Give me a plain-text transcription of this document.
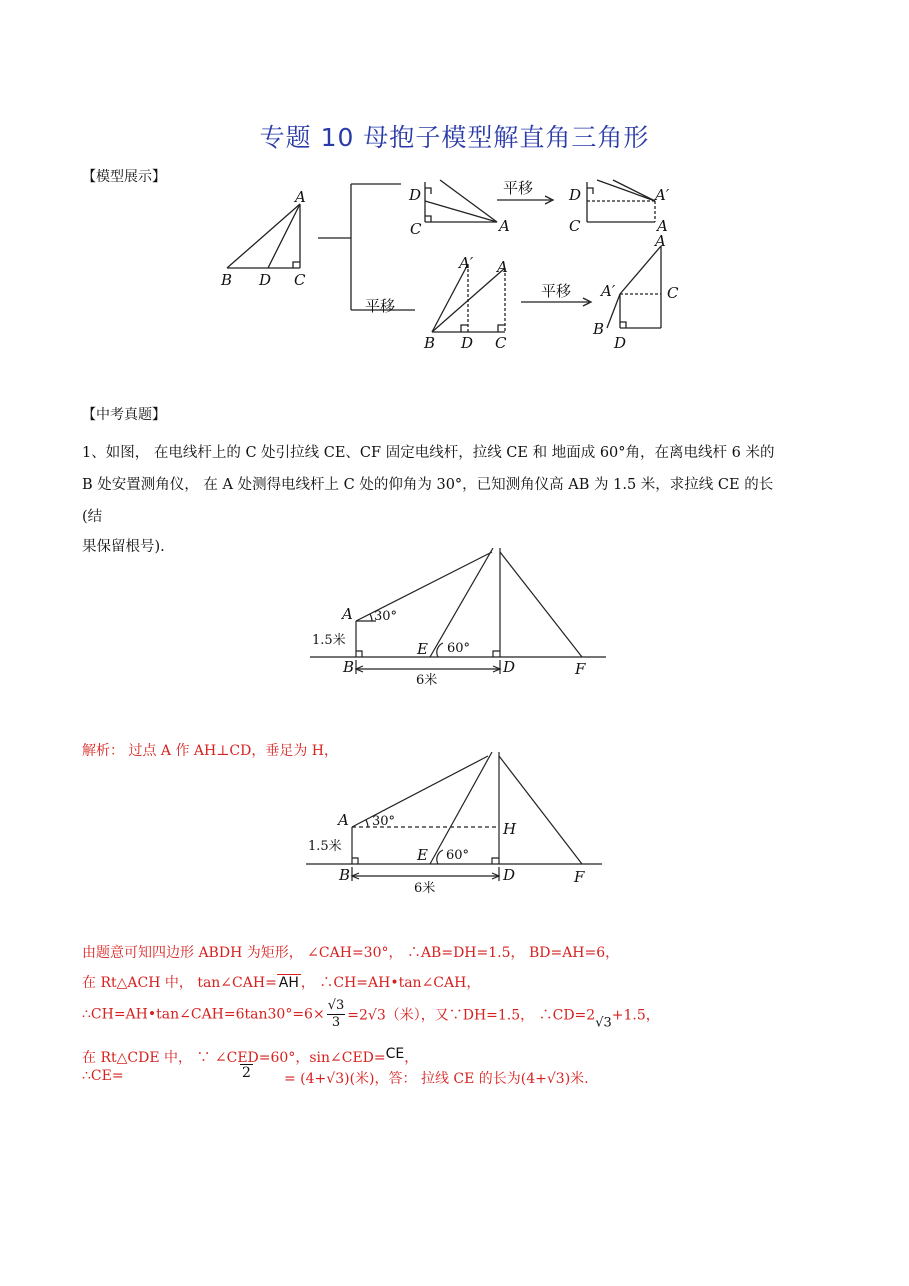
专题 10 母抱子模型解直角三角形
【模型展示】
A
B D C
D
C	A
平移 D
C
A′
A
平移
A′ A
B D C
平移
A
A′	C
B
D
【中考真题】
1、如图， 在电线杆上的 C 处引拉线 CE、CF 固定电线杆，拉线 CE 和 地面成 60°角，在离电线杆 6 米的
B 处安置测角仪， 在 A 处测得电线杆上 C 处的仰角为 30°，已知测角仪高 AB 为 1.5 米，求拉线 CE 的长
(结
果保留根号).
A
B	D
E
F
30°
60°
1.5米
6米
解析： 过点 A 作 AH⊥CD，垂足为 H，
A
B	D
E
F
H
30°
60°
1.5米
6米
由题意可知四边形 ABDH 为矩形， ∠CAH=30°， ∴AB=DH=1.5， BD=AH=6，
在 Rt△ACH 中， tan∠CAH= AH ， ∴CH=AH•tan∠CAH，
∴CH=AH•tan∠CAH=6tan30°=6× $\frac{√3}{3} =2√3$（米），又∵DH=1.5， ∴CD=2√3+1.5，
在 Rt△CDE 中， ∵ ∠CED=60°，sin∠CED=CE，
∴CE=	2 = (4+√3)(米)，答： 拉线 CE 的长为(4+√3)米.
